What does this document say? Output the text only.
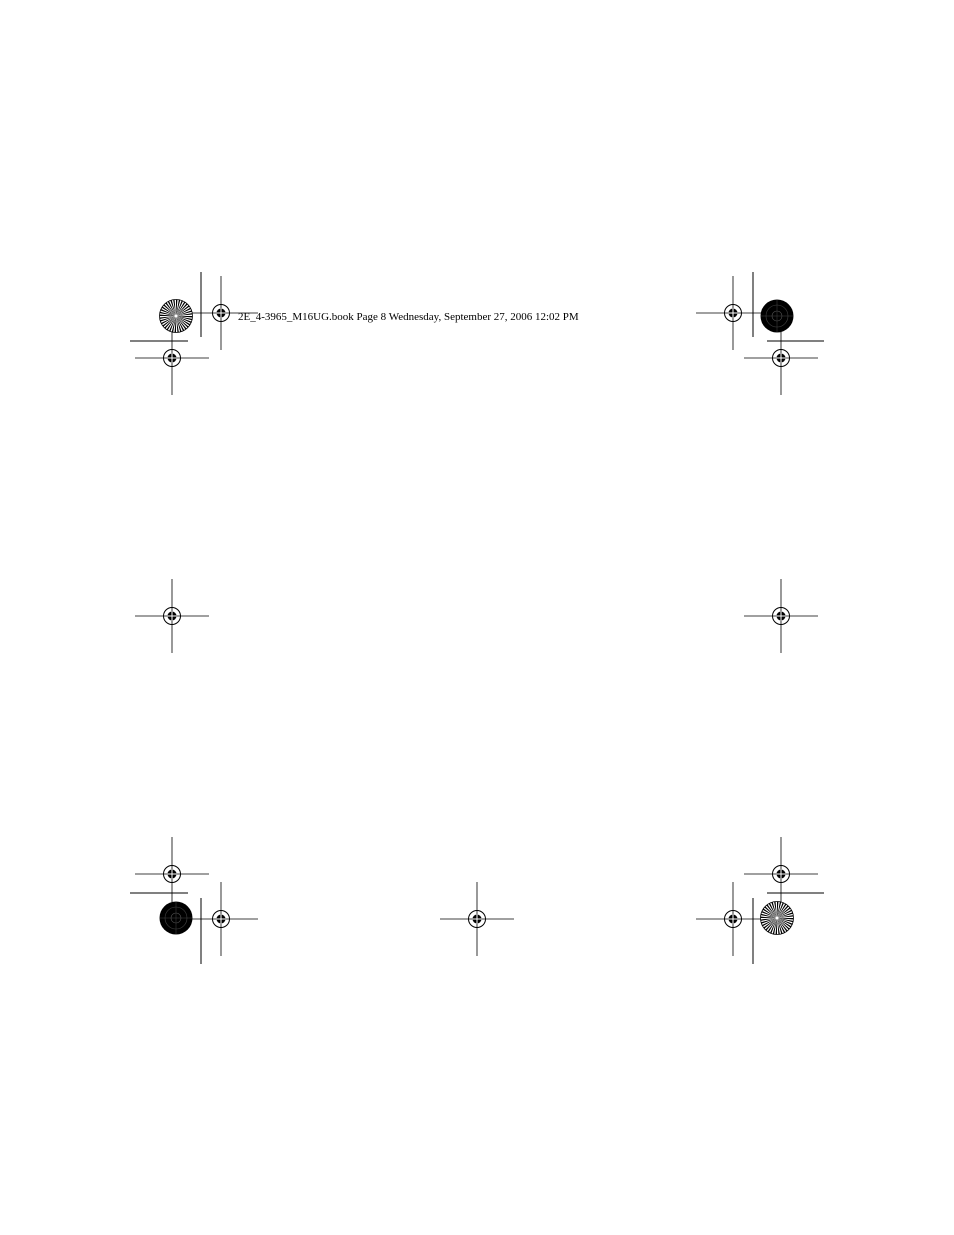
2E_4-3965_M16UG.book Page 8 Wednesday, September 27, 2006 12:02 PM
